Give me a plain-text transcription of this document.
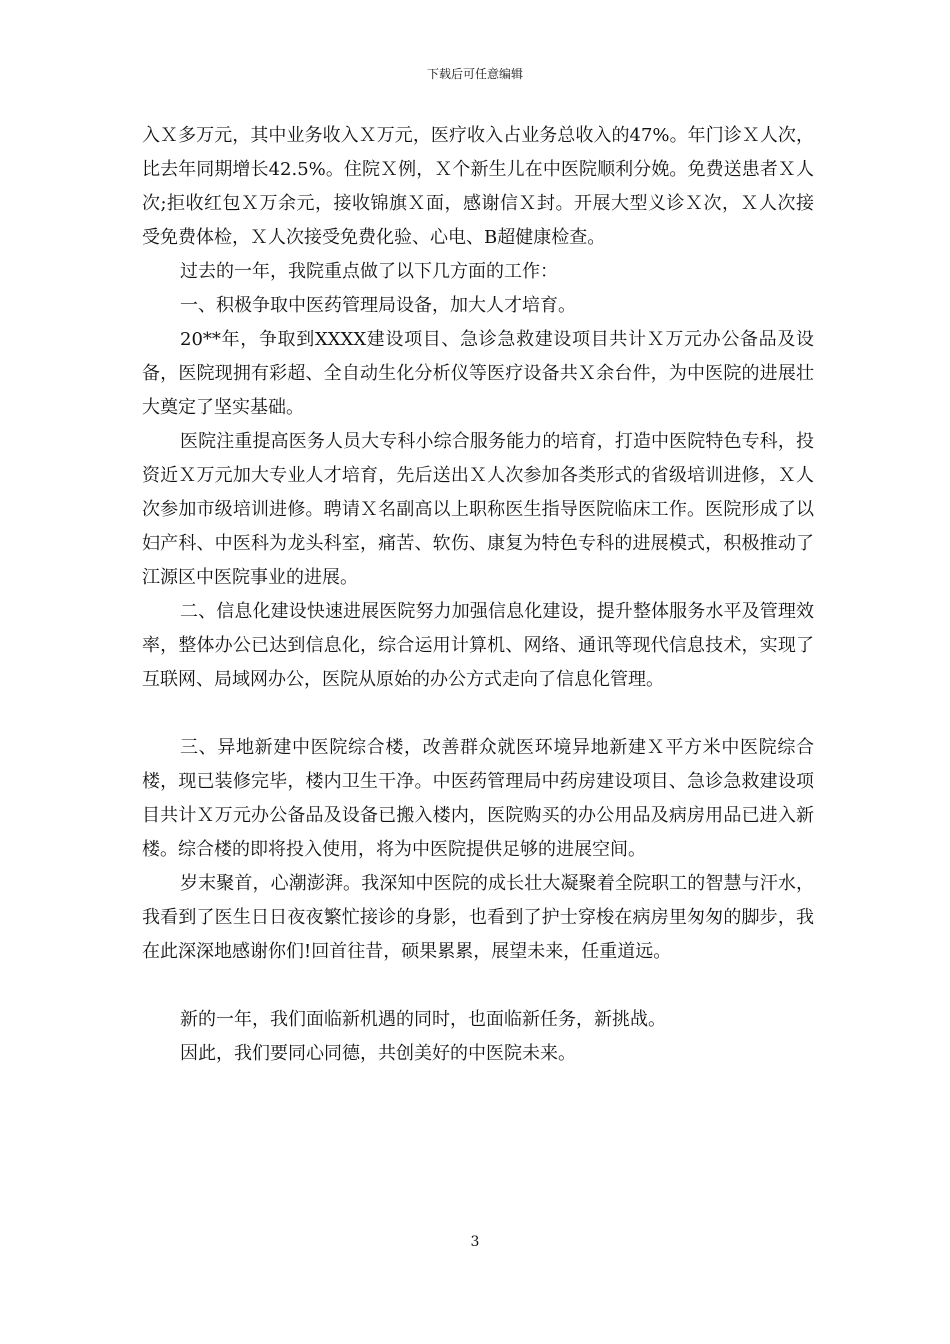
下载后可任意编辑

入Ｘ多万元，其中业务收入Ｘ万元，医疗收入占业务总收入的47%。年门诊Ｘ人次，比去年同期增长42.5%。住院Ｘ例，Ｘ个新生儿在中医院顺利分娩。免费送患者Ｘ人次;拒收红包Ｘ万余元，接收锦旗Ｘ面，感谢信Ｘ封。开展大型义诊Ｘ次，Ｘ人次接受免费体检，Ｘ人次接受免费化验、心电、B超健康检查。

过去的一年，我院重点做了以下几方面的工作：

一、积极争取中医药管理局设备，加大人才培育。

20**年，争取到XXXX建设项目、急诊急救建设项目共计Ｘ万元办公备品及设备，医院现拥有彩超、全自动生化分析仪等医疗设备共Ｘ余台件，为中医院的进展壮大奠定了坚实基础。

医院注重提高医务人员大专科小综合服务能力的培育，打造中医院特色专科，投资近Ｘ万元加大专业人才培育，先后送出Ｘ人次参加各类形式的省级培训进修，Ｘ人次参加市级培训进修。聘请Ｘ名副高以上职称医生指导医院临床工作。医院形成了以妇产科、中医科为龙头科室，痛苦、软伤、康复为特色专科的进展模式，积极推动了江源区中医院事业的进展。

二、信息化建设快速进展医院努力加强信息化建设，提升整体服务水平及管理效率，整体办公已达到信息化，综合运用计算机、网络、通讯等现代信息技术，实现了互联网、局域网办公，医院从原始的办公方式走向了信息化管理。

三、异地新建中医院综合楼，改善群众就医环境异地新建Ｘ平方米中医院综合楼，现已装修完毕，楼内卫生干净。中医药管理局中药房建设项目、急诊急救建设项目共计Ｘ万元办公备品及设备已搬入楼内，医院购买的办公用品及病房用品已进入新楼。综合楼的即将投入使用，将为中医院提供足够的进展空间。

岁末聚首，心潮澎湃。我深知中医院的成长壮大凝聚着全院职工的智慧与汗水，我看到了医生日日夜夜繁忙接诊的身影，也看到了护士穿梭在病房里匆匆的脚步，我在此深深地感谢你们!回首往昔，硕果累累，展望未来，任重道远。

新的一年，我们面临新机遇的同时，也面临新任务，新挑战。

因此，我们要同心同德，共创美好的中医院未来。

3
